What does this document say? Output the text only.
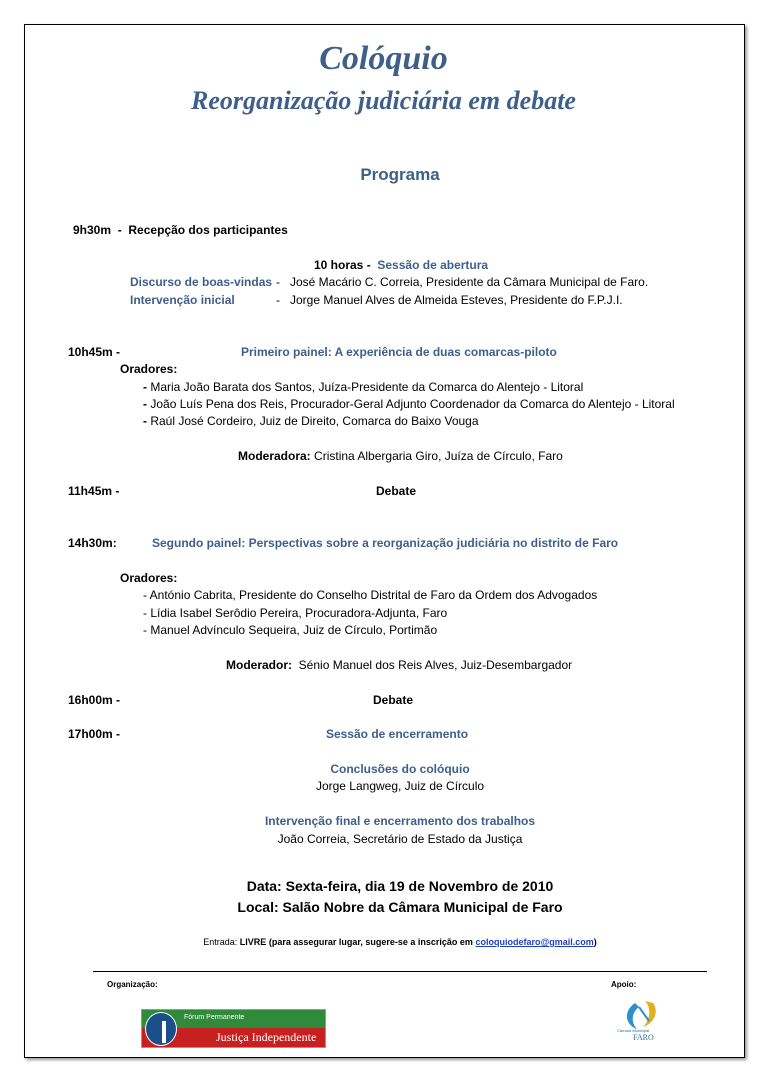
Colóquio
Reorganização judiciária em debate
Programa
9h30m - Recepção dos participantes
10 horas - Sessão de abertura
Discurso de boas-vindas - José Macário C. Correia, Presidente da Câmara Municipal de Faro.
Intervenção inicial	- Jorge Manuel Alves de Almeida Esteves, Presidente do F.P.J.I.
10h45m -	Primeiro painel: A experiência de duas comarcas-piloto
Oradores:
- Maria João Barata dos Santos, Juíza-Presidente da Comarca do Alentejo - Litoral
- João Luís Pena dos Reis, Procurador-Geral Adjunto Coordenador da Comarca do Alentejo - Litoral
- Raúl José Cordeiro, Juiz de Direito, Comarca do Baixo Vouga
Moderadora: Cristina Albergaria Giro, Juíza de Círculo, Faro
11h45m -	Debate
14h30m:	Segundo painel: Perspectivas sobre a reorganização judiciária no distrito de Faro
Oradores:
- António Cabrita, Presidente do Conselho Distrital de Faro da Ordem dos Advogados
- Lídia Isabel Serôdio Pereira, Procuradora-Adjunta, Faro
- Manuel Advínculo Sequeira, Juiz de Círculo, Portimão
Moderador: Sénio Manuel dos Reis Alves, Juiz-Desembargador
16h00m -	Debate
17h00m -	Sessão de encerramento
Conclusões do colóquio
Jorge Langweg, Juiz de Círculo
Intervenção final e encerramento dos trabalhos
João Correia, Secretário de Estado da Justiça
Data: Sexta-feira, dia 19 de Novembro de 2010
Local: Salão Nobre da Câmara Municipal de Faro
Entrada: LIVRE (para assegurar lugar, sugere-se a inscrição em coloquiodefaro@gmail.com)
Organização:	Apoio:
Fórum Permanente
Justiça Independente	Câmara Municipal
FARO
